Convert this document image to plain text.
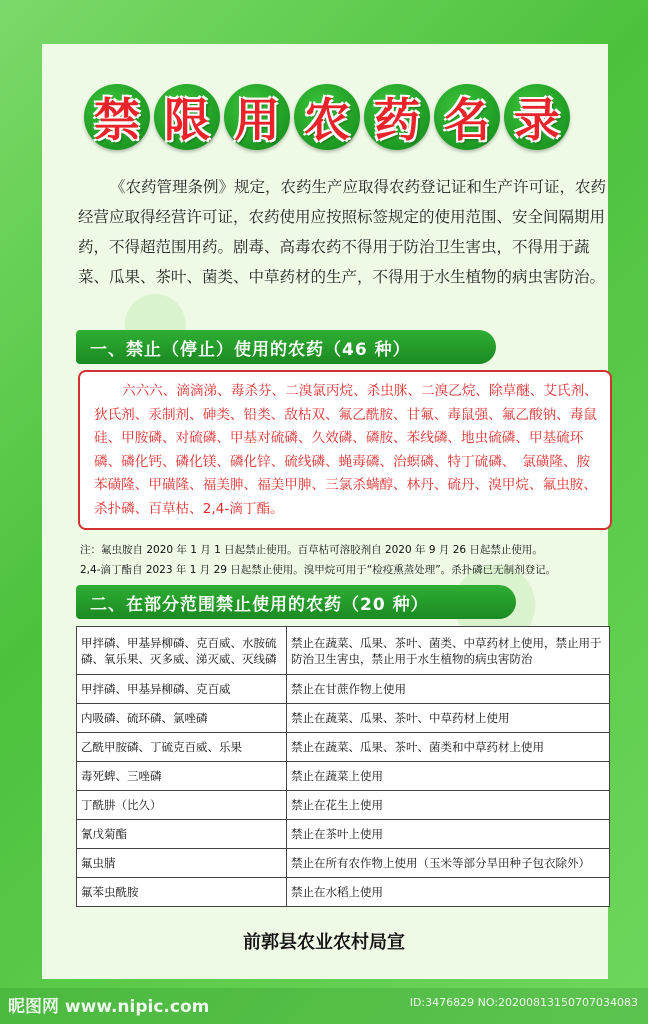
禁 限 用 农 药 名 录

《农药管理条例》规定，农药生产应取得农药登记证和生产许可证，农药经营应取得经营许可证，农药使用应按照标签规定的使用范围、安全间隔期用药，不得超范围用药。剧毒、高毒农药不得用于防治卫生害虫，不得用于蔬菜、瓜果、茶叶、菌类、中草药材的生产，不得用于水生植物的病虫害防治。

一、禁止（停止）使用的农药（46 种）
六六六、滴滴涕、毒杀芬、二溴氯丙烷、杀虫脒、二溴乙烷、除草醚、艾氏剂、狄氏剂、汞制剂、砷类、铅类、敌枯双、氟乙酰胺、甘氟、毒鼠强、氟乙酸钠、毒鼠硅、甲胺磷、对硫磷、甲基对硫磷、久效磷、磷胺、苯线磷、地虫硫磷、甲基硫环磷、磷化钙、磷化镁、磷化锌、硫线磷、蝇毒磷、治螟磷、特丁硫磷、　氯磺隆、胺苯磺隆、甲磺隆、福美胂、福美甲胂、三氯杀螨醇、林丹、硫丹、溴甲烷、氟虫胺、杀扑磷、百草枯、2,4-滴丁酯。
注：氟虫胺自 2020 年 1 月 1 日起禁止使用。百草枯可溶胶剂自 2020 年 9 月 26 日起禁止使用。
2,4-滴丁酯自 2023 年 1 月 29 日起禁止使用。溴甲烷可用于“检疫熏蒸处理”。杀扑磷已无制剂登记。
二、在部分范围禁止使用的农药（20 种）
甲拌磷、甲基异柳磷、克百威、水胺硫磷、氧乐果、灭多威、涕灭威、灭线磷	禁止在蔬菜、瓜果、茶叶、菌类、中草药材上使用，禁止用于防治卫生害虫，禁止用于水生植物的病虫害防治
甲拌磷、甲基异柳磷、克百威	禁止在甘蔗作物上使用
内吸磷、硫环磷、氯唑磷	禁止在蔬菜、瓜果、茶叶、中草药材上使用
乙酰甲胺磷、丁硫克百威、乐果	禁止在蔬菜、瓜果、茶叶、菌类和中草药材上使用
毒死蜱、三唑磷	禁止在蔬菜上使用
丁酰肼（比久）	禁止在花生上使用
氰戊菊酯	禁止在茶叶上使用
氟虫腈	禁止在所有农作物上使用（玉米等部分旱田种子包衣除外）
氟苯虫酰胺	禁止在水稻上使用
前郭县农业农村局宣
昵图网 www.nipic.com	ID:3476829 NO:20200813150707034083
